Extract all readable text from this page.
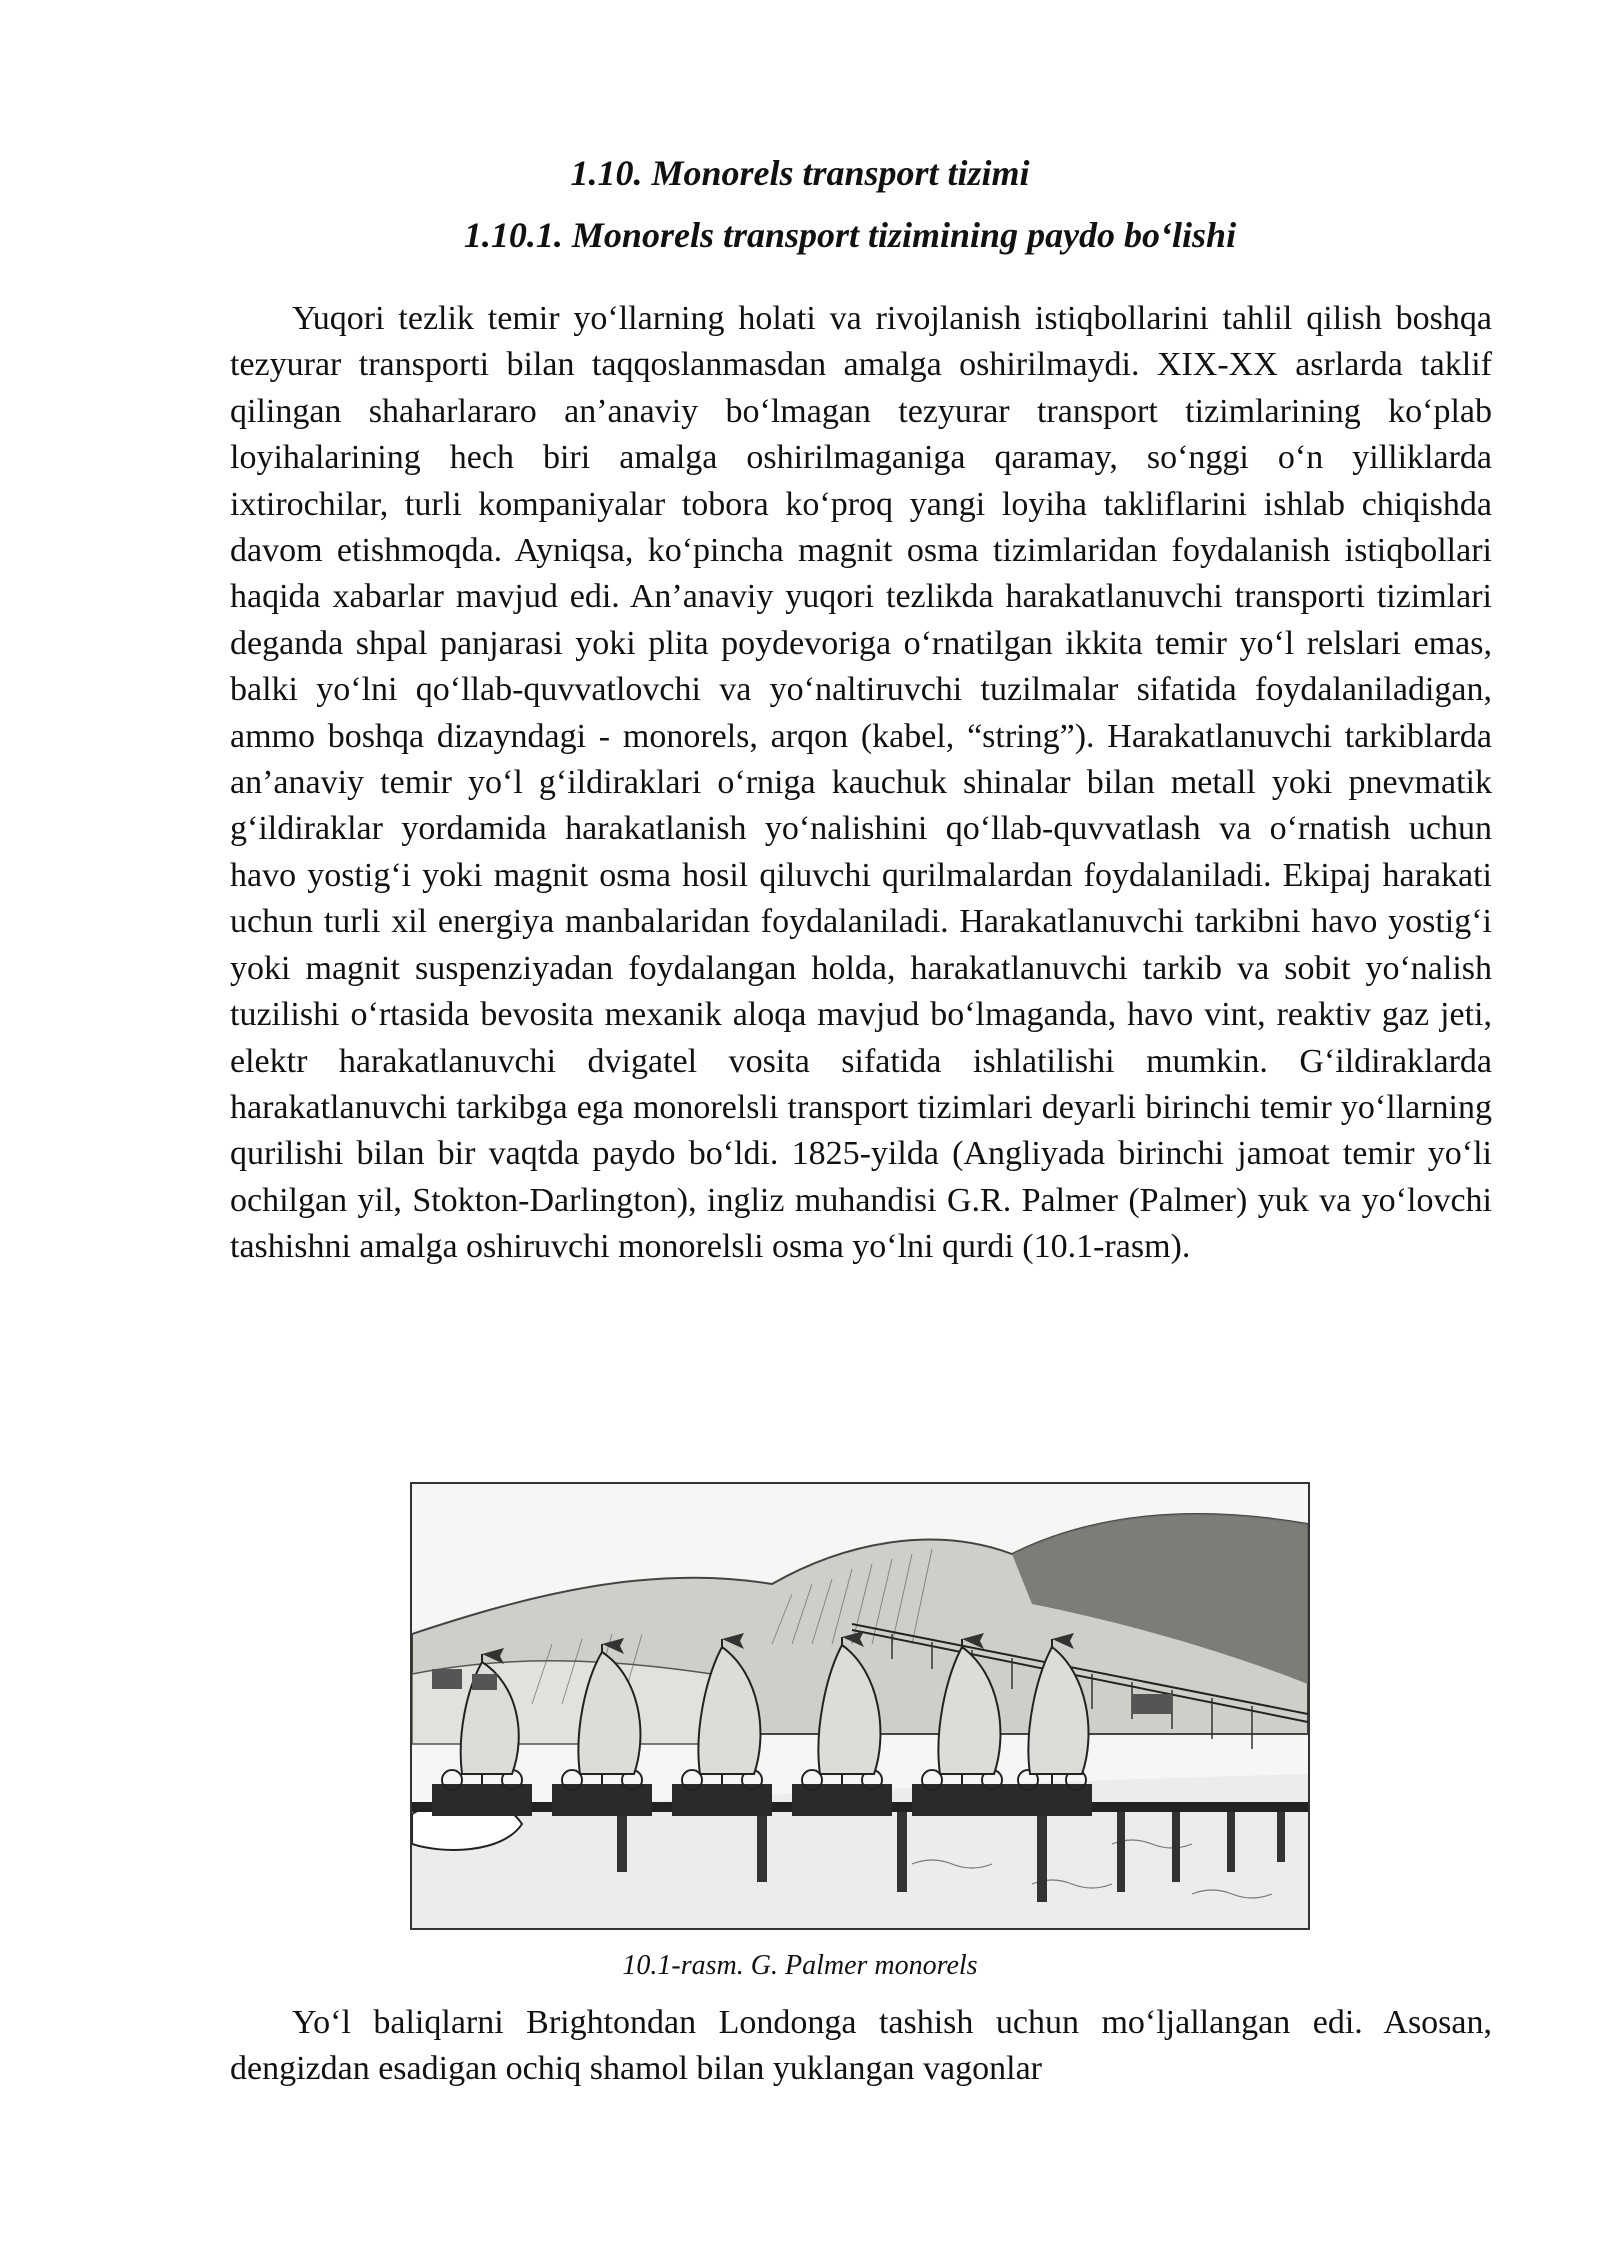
1.10. Monorels transport tizimi
1.10.1. Monorels transport tizimining paydo bo‘lishi

Yuqori tezlik temir yo‘llarning holati va rivojlanish istiqbollarini tahlil qilish boshqa tezyurar transporti bilan taqqoslanmasdan amalga oshirilmaydi. XIX-XX asrlarda taklif qilingan shaharlararo an’anaviy bo‘lmagan tezyurar transport tizimlarining ko‘plab loyihalarining hech biri amalga oshirilmaganiga qaramay, so‘nggi o‘n yilliklarda ixtirochilar, turli kompaniyalar tobora ko‘proq yangi loyiha takliflarini ishlab chiqishda davom etishmoqda. Ayniqsa, ko‘pincha magnit osma tizimlaridan foydalanish istiqbollari haqida xabarlar mavjud edi. An’anaviy yuqori tezlikda harakatlanuvchi transporti tizimlari deganda shpal panjarasi yoki plita poydevoriga o‘rnatilgan ikkita temir yo‘l relslari emas, balki yo‘lni qo‘llab-quvvatlovchi va yo‘naltiruvchi tuzilmalar sifatida foydalaniladigan, ammo boshqa dizayndagi - monorels, arqon (kabel, “string”). Harakatlanuvchi tarkiblarda an’anaviy temir yo‘l g‘ildiraklari o‘rniga kauchuk shinalar bilan metall yoki pnevmatik g‘ildiraklar yordamida harakatlanish yo‘nalishini qo‘llab-quvvatlash va o‘rnatish uchun havo yostig‘i yoki magnit osma hosil qiluvchi qurilmalardan foydalaniladi. Ekipaj harakati uchun turli xil energiya manbalaridan foydalaniladi. Harakatlanuvchi tarkibni havo yostig‘i yoki magnit suspenziyadan foydalangan holda, harakatlanuvchi tarkib va sobit yo‘nalish tuzilishi o‘rtasida bevosita mexanik aloqa mavjud bo‘lmaganda, havo vint, reaktiv gaz jeti, elektr harakatlanuvchi dvigatel vosita sifatida ishlatilishi mumkin. G‘ildiraklarda harakatlanuvchi tarkibga ega monorelsli transport tizimlari deyarli birinchi temir yo‘llarning qurilishi bilan bir vaqtda paydo bo‘ldi. 1825-yilda (Angliyada birinchi jamoat temir yo‘li ochilgan yil, Stokton-Darlington), ingliz muhandisi G.R. Palmer (Palmer) yuk va yo‘lovchi tashishni amalga oshiruvchi monorelsli osma yo‘lni qurdi (10.1-rasm).

10.1-rasm. G. Palmer monorels

Yo‘l baliqlarni Brightondan Londonga tashish uchun mo‘ljallangan edi. Asosan, dengizdan esadigan ochiq shamol bilan yuklangan vagonlar
